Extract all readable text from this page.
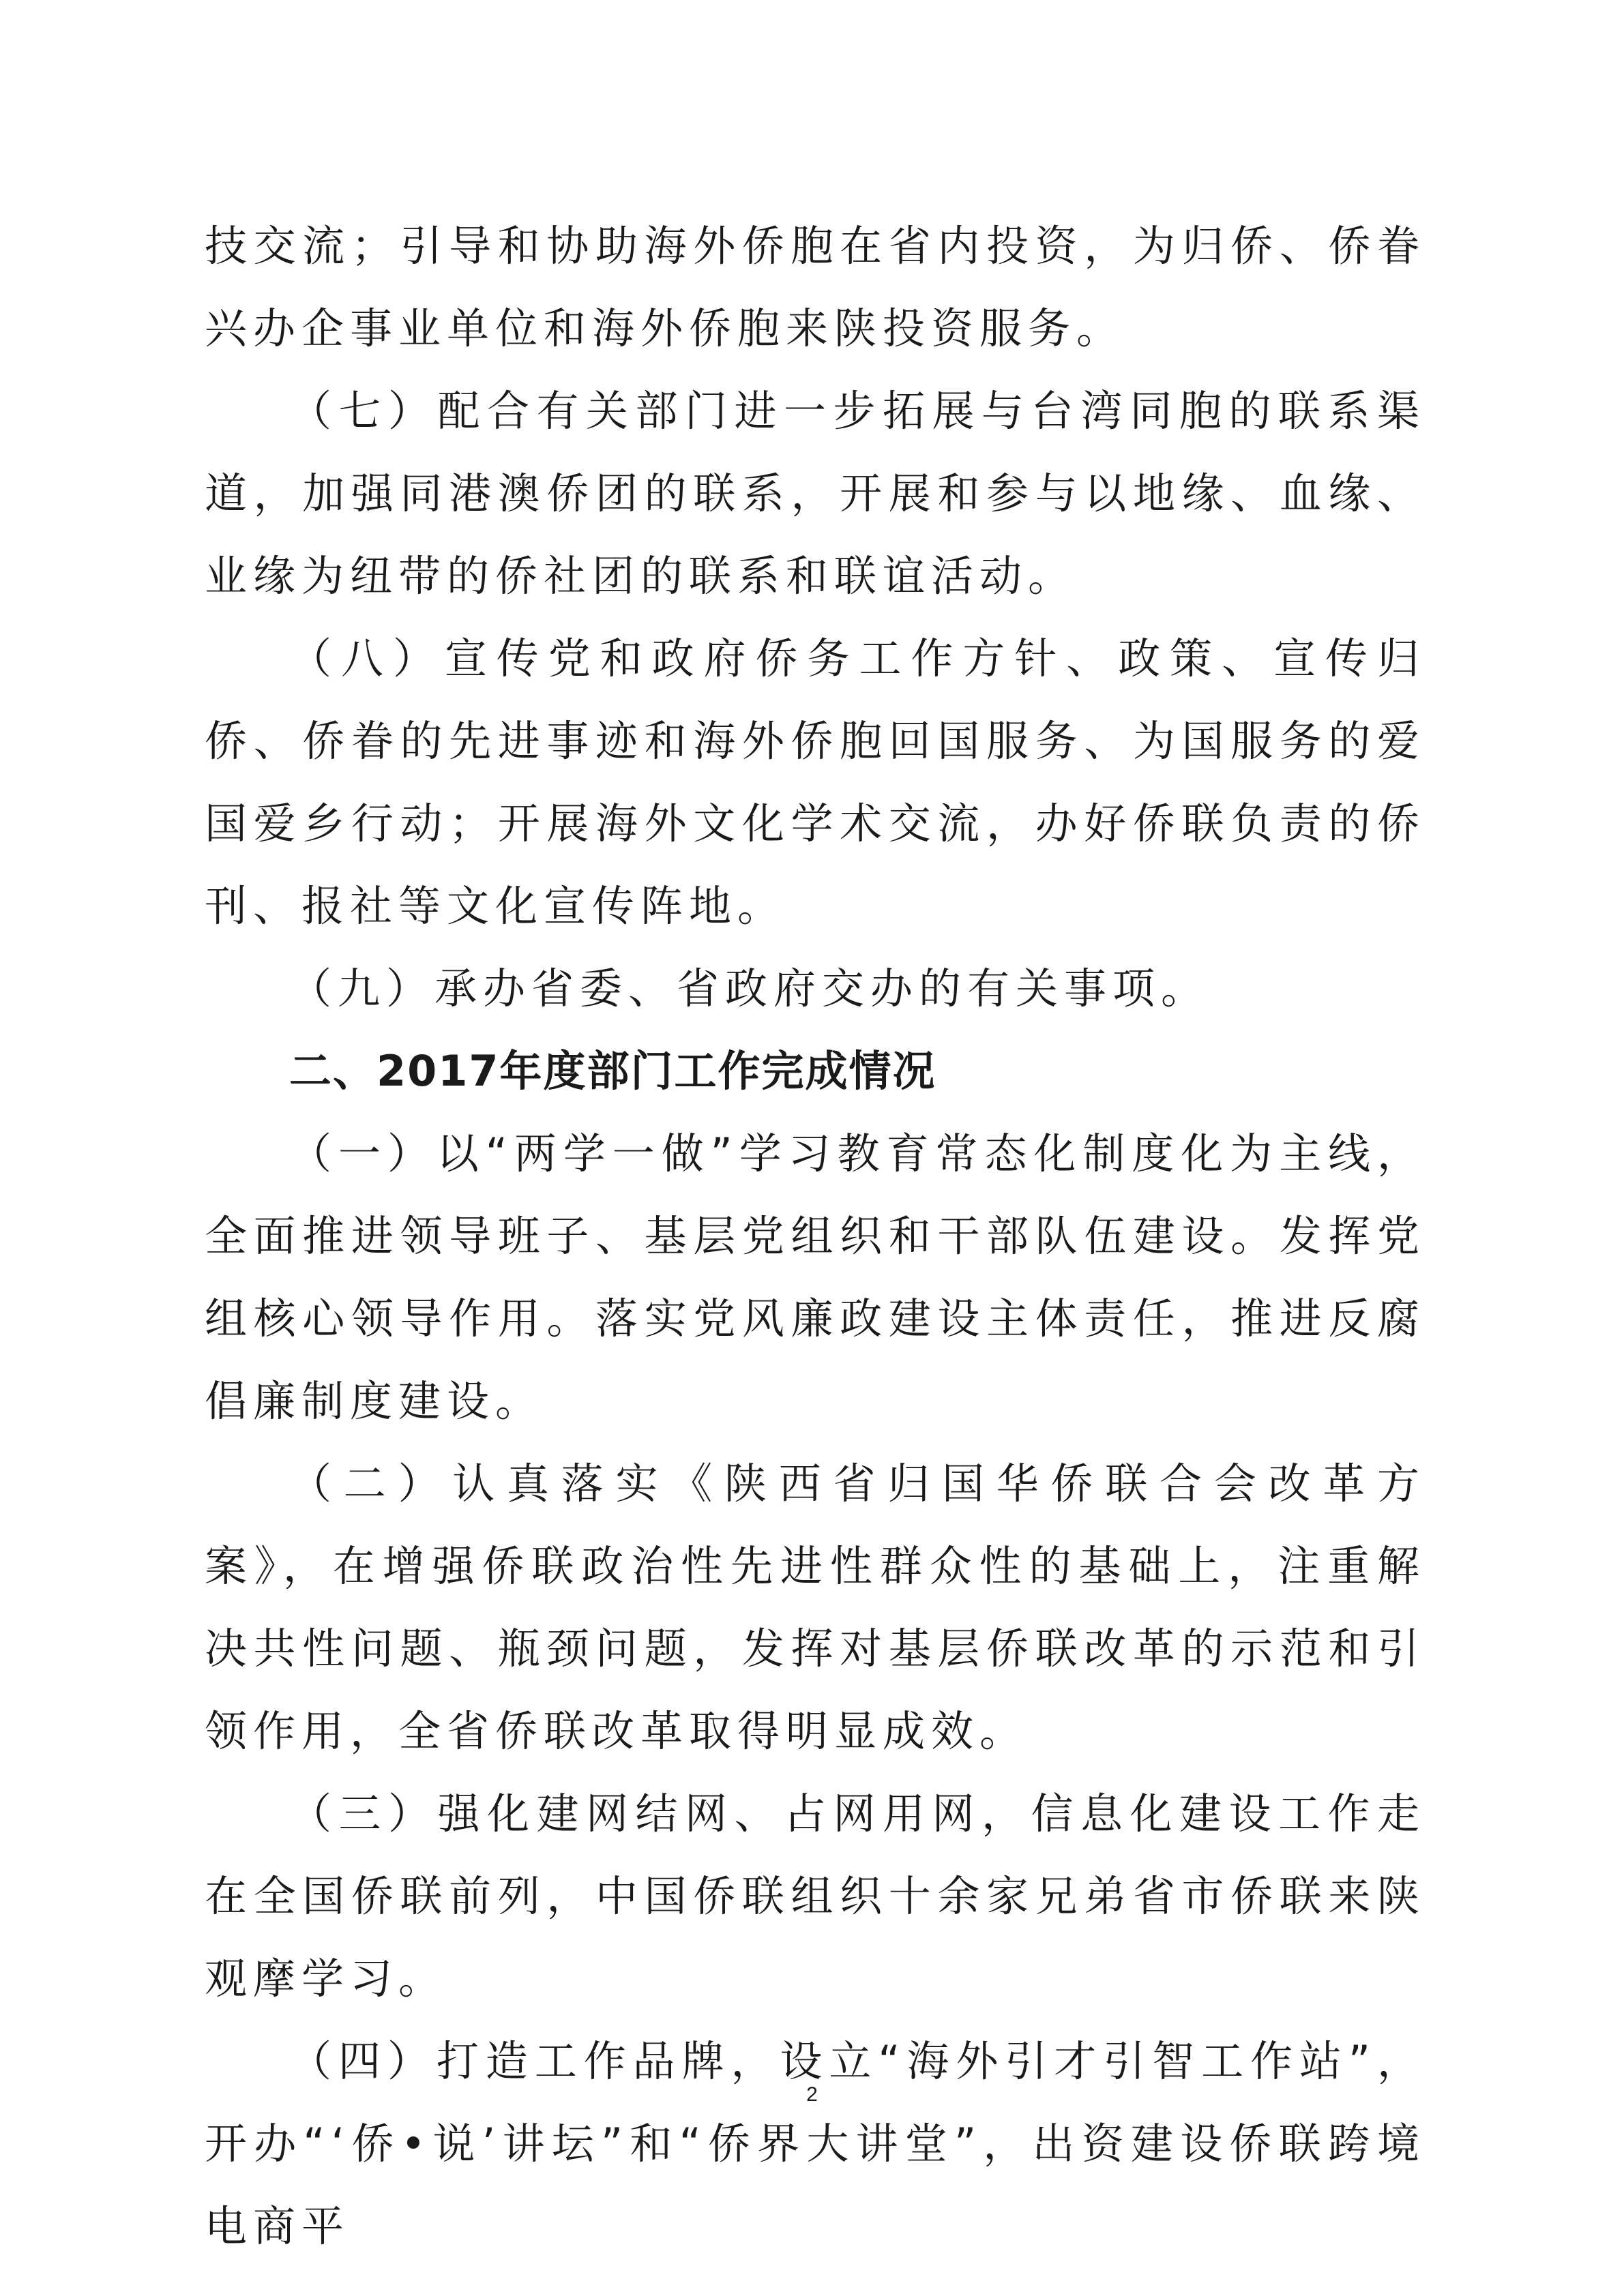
技交流；引导和协助海外侨胞在省内投资，为归侨、侨眷兴办企事业单位和海外侨胞来陕投资服务。

（七）配合有关部门进一步拓展与台湾同胞的联系渠道，加强同港澳侨团的联系，开展和参与以地缘、血缘、业缘为纽带的侨社团的联系和联谊活动。

（八）宣传党和政府侨务工作方针、政策、宣传归侨、侨眷的先进事迹和海外侨胞回国服务、为国服务的爱国爱乡行动；开展海外文化学术交流，办好侨联负责的侨刊、报社等文化宣传阵地。

（九）承办省委、省政府交办的有关事项。

二、2017年度部门工作完成情况

（一）以“两学一做”学习教育常态化制度化为主线，全面推进领导班子、基层党组织和干部队伍建设。发挥党组核心领导作用。落实党风廉政建设主体责任，推进反腐倡廉制度建设。

（二）认真落实《陕西省归国华侨联合会改革方案》，在增强侨联政治性先进性群众性的基础上，注重解决共性问题、瓶颈问题，发挥对基层侨联改革的示范和引领作用，全省侨联改革取得明显成效。

（三）强化建网结网、占网用网，信息化建设工作走在全国侨联前列，中国侨联组织十余家兄弟省市侨联来陕观摩学习。

（四）打造工作品牌，设立“海外引才引智工作站”，开办“‘侨•说’讲坛”和“侨界大讲堂”，出资建设侨联跨境电商平

2
